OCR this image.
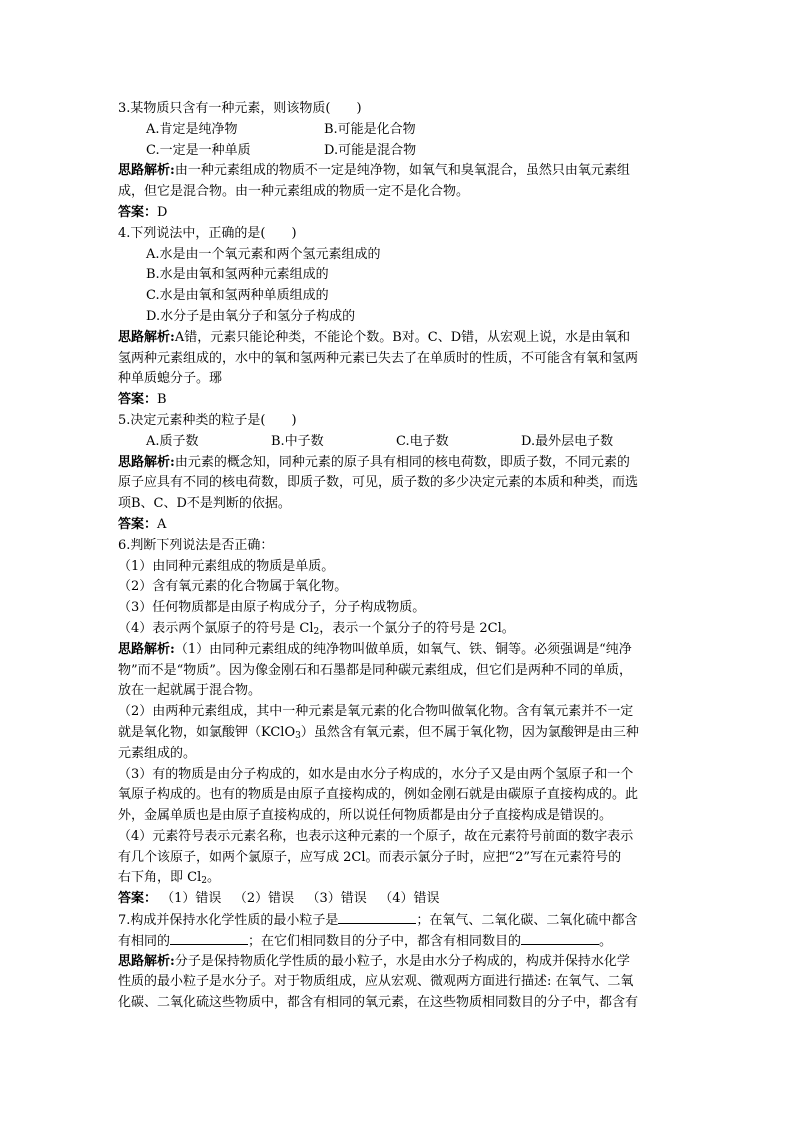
3.某物质只含有一种元素，则该物质(　　)
A.肯定是纯净物	B.可能是化合物
C.一定是一种单质	D.可能是混合物
思路解析:由一种元素组成的物质不一定是纯净物，如氧气和臭氧混合，虽然只由氧元素组
成，但它是混合物。由一种元素组成的物质一定不是化合物。
答案：D
4.下列说法中，正确的是(　　)
A.水是由一个氧元素和两个氢元素组成的
B.水是由氧和氢两种元素组成的
C.水是由氧和氢两种单质组成的
D.水分子是由氧分子和氢分子构成的
思路解析:A错，元素只能论种类，不能论个数。B对。C、D错，从宏观上说，水是由氧和
氢两种元素组成的，水中的氧和氢两种元素已失去了在单质时的性质，不可能含有氧和氢两
种单质螅分子。琊
答案：B
5.决定元素种类的粒子是(　　)
A.质子数	B.中子数	C.电子数	D.最外层电子数
思路解析:由元素的概念知，同种元素的原子具有相同的核电荷数，即质子数，不同元素的
原子应具有不同的核电荷数，即质子数，可见，质子数的多少决定元素的本质和种类，而选
项B、C、D不是判断的依据。
答案：A
6.判断下列说法是否正确：
（1）由同种元素组成的物质是单质。
（2）含有氧元素的化合物属于氧化物。
（3）任何物质都是由原子构成分子，分子构成物质。
（4）表示两个氯原子的符号是 $Cl_2$，表示一个氯分子的符号是 2Cl。
思路解析:（1）由同种元素组成的纯净物叫做单质，如氧气、铁、铜等。必须强调是“纯净
物”而不是“物质”。因为像金刚石和石墨都是同种碳元素组成，但它们是两种不同的单质，
放在一起就属于混合物。
（2）由两种元素组成，其中一种元素是氧元素的化合物叫做氧化物。含有氧元素并不一定
就是氧化物，如氯酸钾（KClO$_3$）虽然含有氧元素，但不属于氧化物，因为氯酸钾是由三种
元素组成的。
（3）有的物质是由分子构成的，如水是由水分子构成的，水分子又是由两个氢原子和一个
氧原子构成的。也有的物质是由原子直接构成的，例如金刚石就是由碳原子直接构成的。此
外，金属单质也是由原子直接构成的，所以说任何物质都是由分子直接构成是错误的。
（4）元素符号表示元素名称，也表示这种元素的一个原子，故在元素符号前面的数字表示
有几个该原子，如两个氯原子，应写成 2Cl。而表示氯分子时，应把“2”写在元素符号的
右下角，即 $Cl_2$。
答案： （1）错误 （2）错误 （3）错误 （4）错误
7.构成并保持水化学性质的最小粒子是	；在氧气、二氧化碳、二氧化硫中都含
有相同的	；在它们相同数目的分子中，都含有相同数目的	。
思路解析:分子是保持物质化学性质的最小粒子，水是由水分子构成的，构成并保持水化学
性质的最小粒子是水分子。对于物质组成，应从宏观、微观两方面进行描述: 在氧气、二氧
化碳、二氧化硫这些物质中，都含有相同的氧元素，在这些物质相同数目的分子中，都含有
